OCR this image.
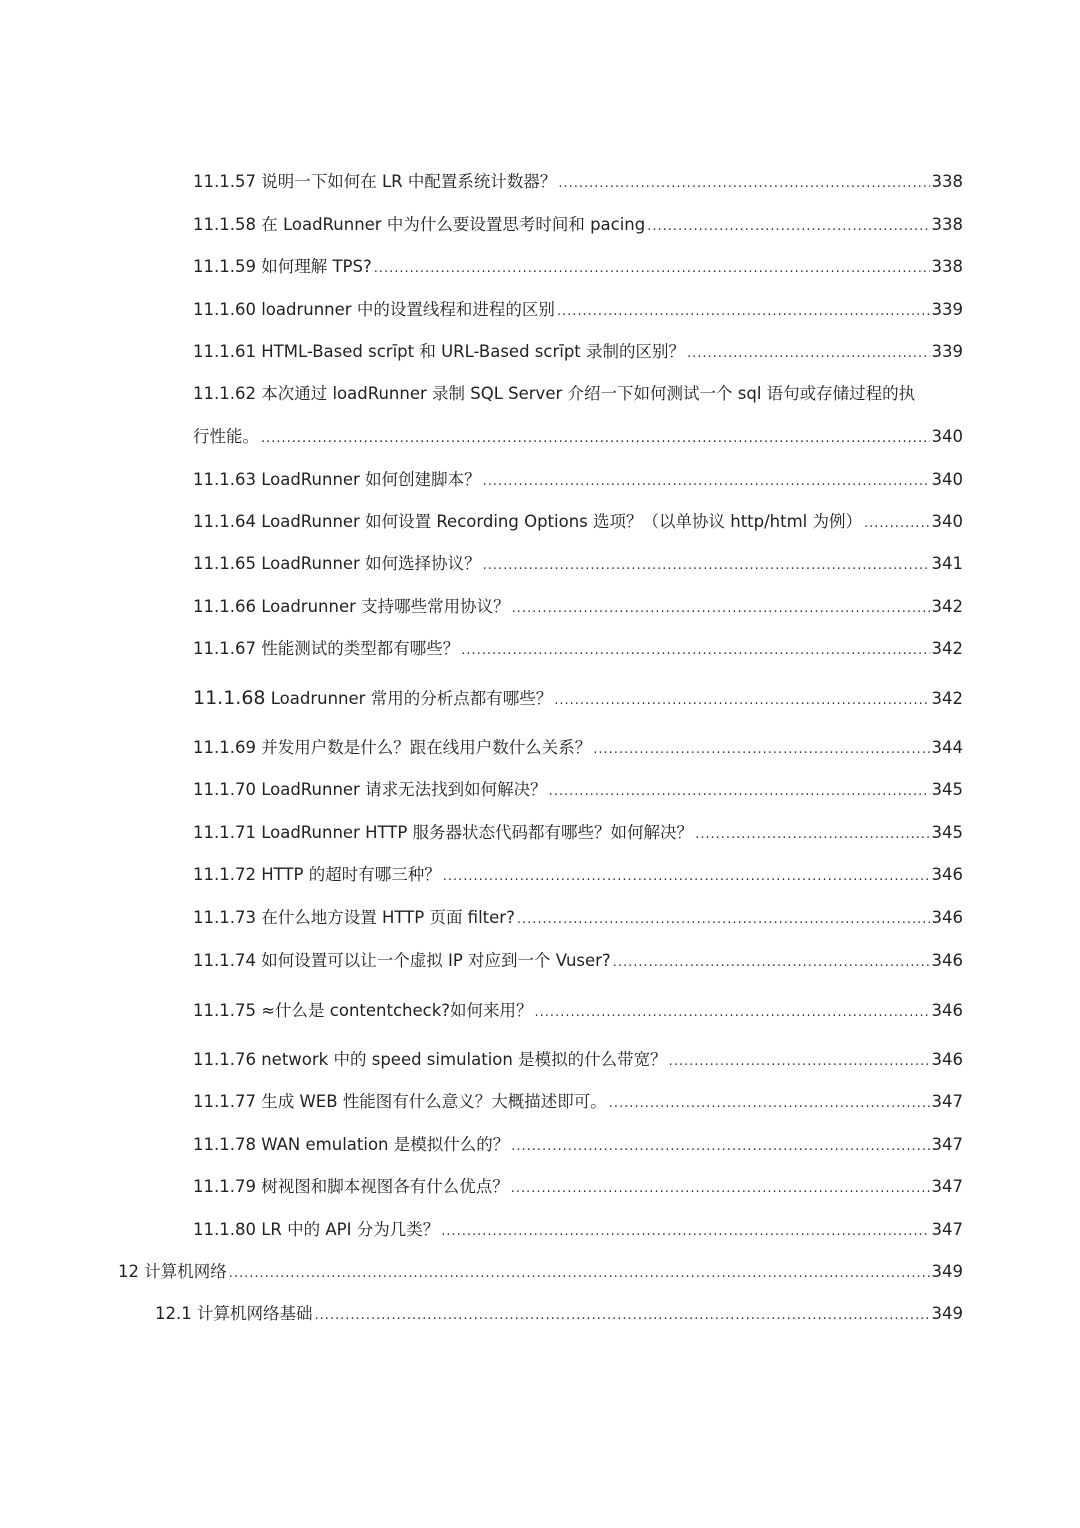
11.1.57 说明一下如何在 LR 中配置系统计数器？ .....	338
11.1.58 在 LoadRunner 中为什么要设置思考时间和 pacing .....	338
11.1.59 如何理解 TPS? .....	338
11.1.60 loadrunner 中的设置线程和进程的区别 .....	339
11.1.61 HTML-Based scrīpt 和 URL-Based scrīpt 录制的区别？ .....	339
11.1.62 本次通过 loadRunner 录制 SQL Server 介绍一下如何测试一个 sql 语句或存储过程的执
行性能。 .....	340
11.1.63 LoadRunner 如何创建脚本？ .....	340
11.1.64 LoadRunner 如何设置 Recording Options 选项？（以单协议 http/html 为例） .....	340
11.1.65 LoadRunner 如何选择协议？ .....	341
11.1.66 Loadrunner 支持哪些常用协议？ .....	342
11.1.67 性能测试的类型都有哪些？ .....	342
11.1.68 Loadrunner 常用的分析点都有哪些？ .....	342
11.1.69 并发用户数是什么？跟在线用户数什么关系？ .....	344
11.1.70 LoadRunner 请求无法找到如何解决？ .....	345
11.1.71 LoadRunner HTTP 服务器状态代码都有哪些？如何解决？ .....	345
11.1.72 HTTP 的超时有哪三种？ .....	346
11.1.73 在什么地方设置 HTTP 页面 filter? .....	346
11.1.74 如何设置可以让一个虚拟 IP 对应到一个 Vuser? .....	346
11.1.75 ≈什么是 contentcheck?如何来用？ .....	346
11.1.76 network 中的 speed simulation 是模拟的什么带宽？ .....	346
11.1.77 生成 WEB 性能图有什么意义？大概描述即可。 .....	347
11.1.78 WAN emulation 是模拟什么的？ .....	347
11.1.79 树视图和脚本视图各有什么优点？ .....	347
11.1.80 LR 中的 API 分为几类？ .....	347
12 计算机网络 .....	349
12.1 计算机网络基础 .....	349
